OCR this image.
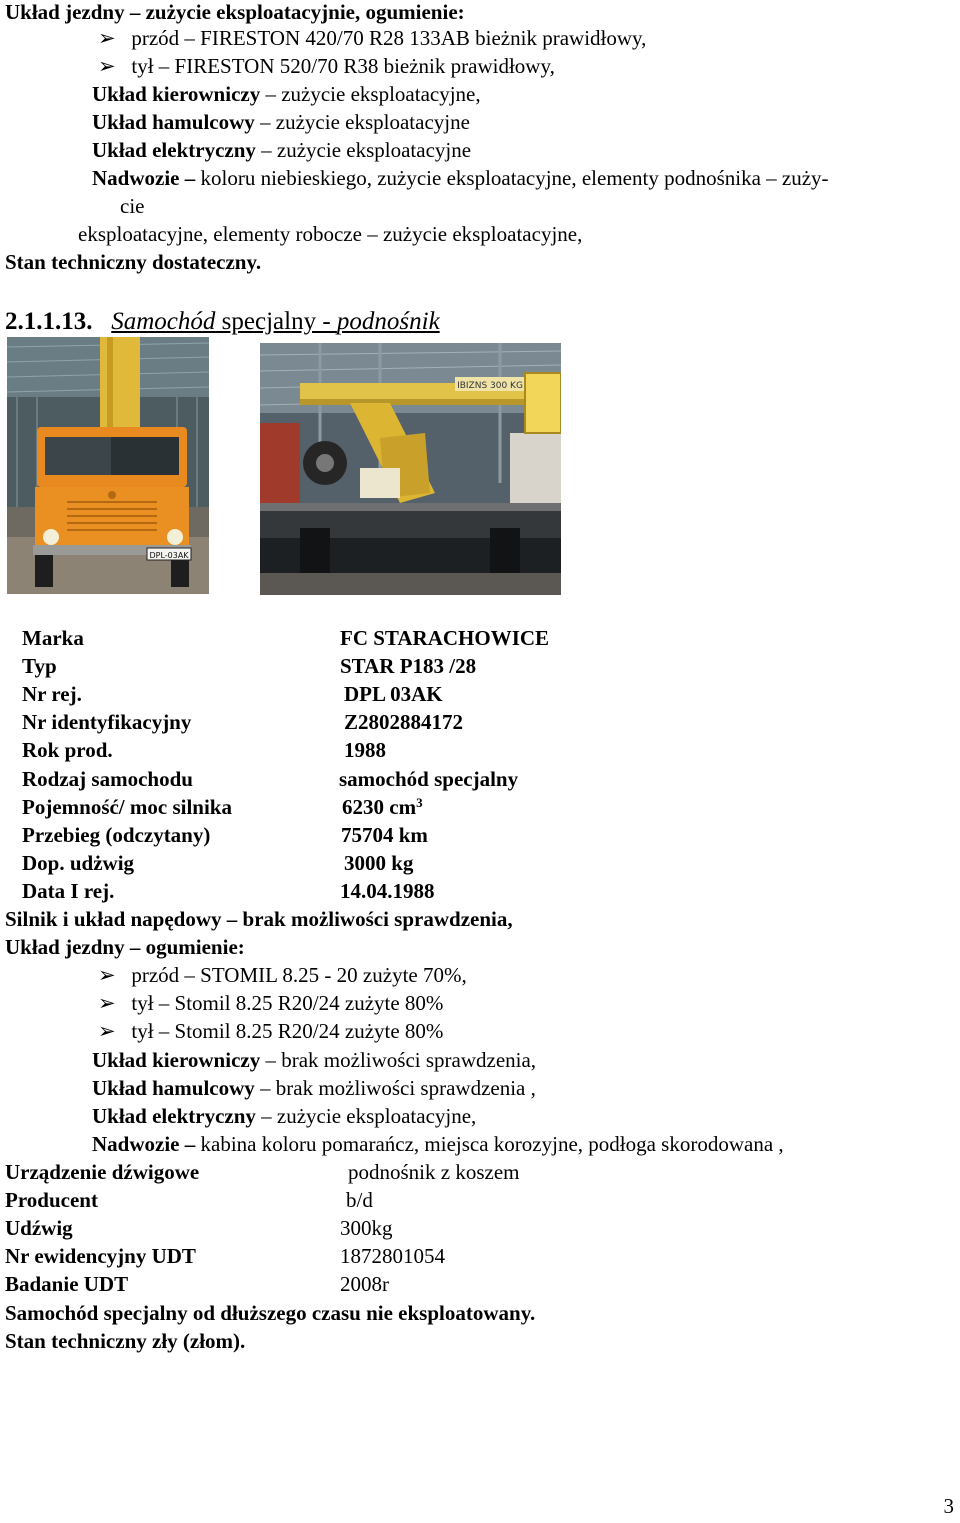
Układ jezdny – zużycie eksploatacyjnie, ogumienie:
➢ przód – FIRESTON 420/70 R28 133AB bieżnik prawidłowy,
➢ tył – FIRESTON 520/70 R38 bieżnik prawidłowy,
Układ kierowniczy – zużycie eksploatacyjne,
Układ hamulcowy – zużycie eksploatacyjne
Układ elektryczny – zużycie eksploatacyjne
Nadwozie – koloru niebieskiego, zużycie eksploatacyjne, elementy podnośnika – zuży-
cie
eksploatacyjne, elementy robocze – zużycie eksploatacyjne,
Stan techniczny dostateczny.
2.1.1.13. Samochód specjalny - podnośnik
DPL-03AK
IBIZNS 300 KG
Marka	FC STARACHOWICE
Typ	STAR P183 /28
Nr rej.	DPL 03AK
Nr identyfikacyjny	Z2802884172
Rok prod.	1988
Rodzaj samochodu	samochód specjalny
Pojemność/ moc silnika	6230 $cm^3$
Przebieg (odczytany)	75704 km
Dop. udżwig	3000 kg
Data I rej.	14.04.1988
Silnik i układ napędowy – brak możliwości sprawdzenia,
Układ jezdny – ogumienie:
➢ przód – STOMIL 8.25 - 20 zużyte 70%,
➢ tył – Stomil 8.25 R20/24 zużyte 80%
➢ tył – Stomil 8.25 R20/24 zużyte 80%
Układ kierowniczy – brak możliwości sprawdzenia,
Układ hamulcowy – brak możliwości sprawdzenia ,
Układ elektryczny – zużycie eksploatacyjne,
Nadwozie – kabina koloru pomarańcz, miejsca korozyjne, podłoga skorodowana ,
Urządzenie dźwigowe	podnośnik z koszem
Producent	b/d
Udźwig	300kg
Nr ewidencyjny UDT	1872801054
Badanie UDT	2008r
Samochód specjalny od dłuższego czasu nie eksploatowany.
Stan techniczny zły (złom).
3
